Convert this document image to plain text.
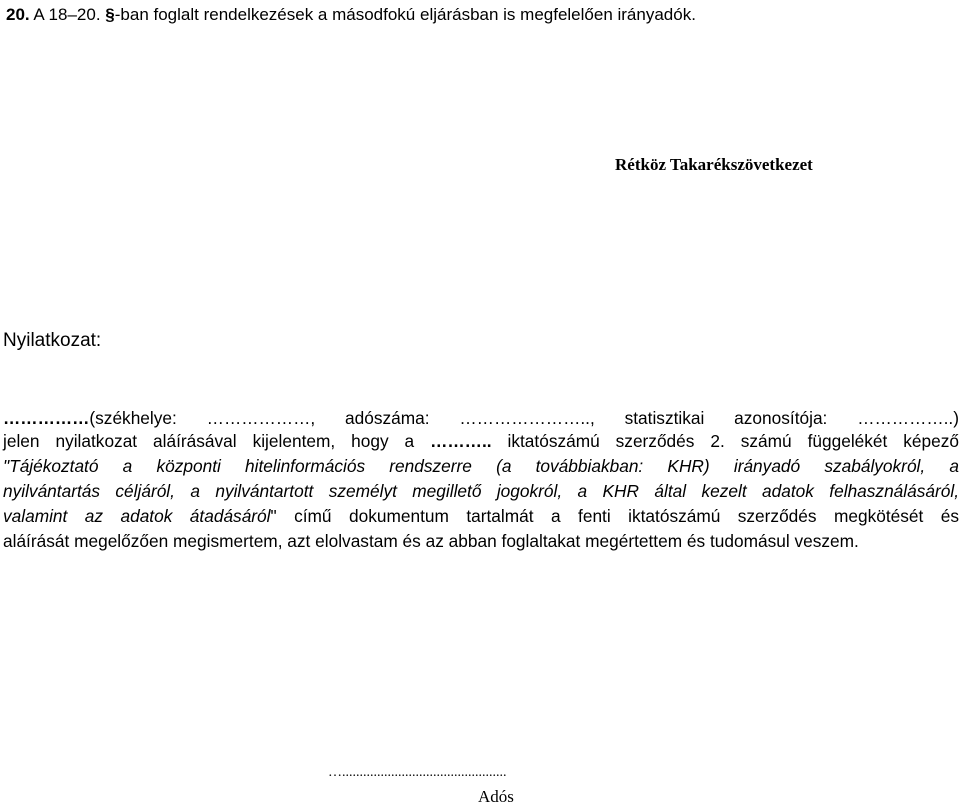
20. A 18–20. §-ban foglalt rendelkezések a másodfokú eljárásban is megfelelően irányadók.
Rétköz Takarékszövetkezet
Nyilatkozat:
……………(székhelye: ………………, adószáma: ………………….., statisztikai azonosítója: ……………..)
jelen nyilatkozat aláírásával kijelentem, hogy a ……….. iktatószámú szerződés 2. számú függelékét képező
"Tájékoztató a központi hitelinformációs rendszerre (a továbbiakban: KHR) irányadó szabályokról, a
nyilvántartás céljáról, a nyilvántartott személyt megillető jogokról, a KHR által kezelt adatok felhasználásáról,
valamint az adatok átadásáról" című dokumentum tartalmát a fenti iktatószámú szerződés megkötését és
aláírását megelőzően megismertem, azt elolvastam és az abban foglaltakat megértettem és tudomásul veszem.
…...............................................
Adós
